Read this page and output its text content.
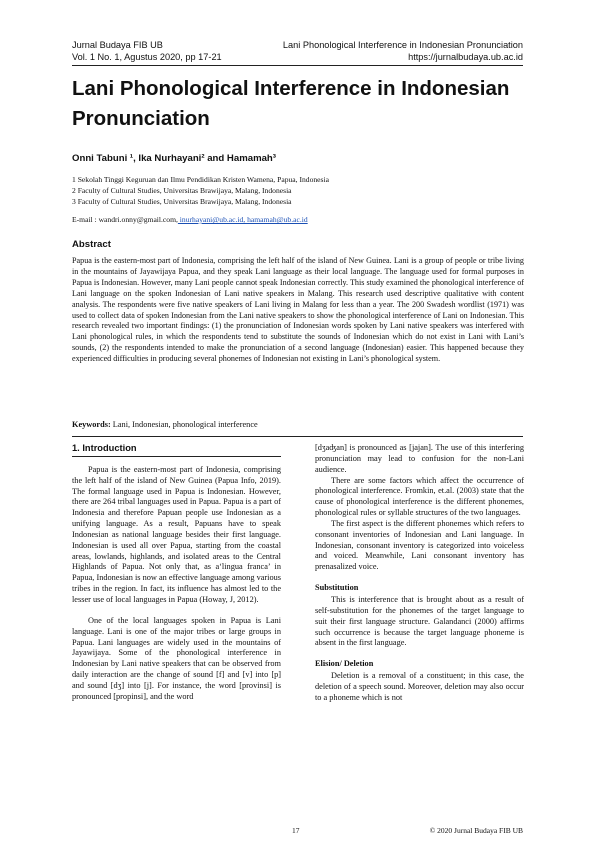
Jurnal Budaya FIB UB	Lani Phonological Interference in Indonesian Pronunciation
Vol. 1 No. 1, Agustus 2020, pp 17-21	https://jurnalbudaya.ub.ac.id
Lani Phonological Interference in Indonesian Pronunciation
Onni Tabuni ¹, Ika Nurhayani² and Hamamah³
1 Sekolah Tinggi Keguruan dan Ilmu Pendidikan Kristen Wamena, Papua, Indonesia
2 Faculty of Cultural Studies, Universitas Brawijaya, Malang, Indonesia
3 Faculty of Cultural Studies, Universitas Brawijaya, Malang, Indonesia
E-mail : wandri.onny@gmail.com, inurhayani@ub.ac.id, hamamah@ub.ac.id
Abstract

Papua is the eastern-most part of Indonesia, comprising the left half of the island of New Guinea. Lani is a group of people or tribe living in the mountains of Jayawijaya Papua, and they speak Lani language as their local language. The language used for formal purposes in Papua is Indonesian. However, many Lani people cannot speak Indonesian correctly. This study examined the phonological interference of Lani language on the spoken Indonesian of Lani native speakers in Malang. This research used descriptive qualitative with content analysis. The respondents were five native speakers of Lani living in Malang for less than a year. The 200 Swadesh wordlist (1971) was used to collect data of spoken Indonesian from the Lani native speakers to show the phonological interference of Lani on Indonesian. This research revealed two important findings: (1) the pronunciation of Indonesian words spoken by Lani native speakers was interfered with Lani phonological rules, in which the respondents tend to substitute the sounds of Indonesian which do not exist in Lani with Lani’s sounds, (2) the respondents intended to make the pronunciation of a second language (Indonesian) easier. This happened because they experienced difficulties in producing several phonemes of Indonesian not existing in Lani’s phonological system.

Keywords: Lani, Indonesian, phonological interference
1. Introduction

Papua is the eastern-most part of Indonesia, comprising the left half of the island of New Guinea (Papua Info, 2019). The formal language used in Papua is Indonesian. However, there are 264 tribal languages used in Papua. Papua is a part of Indonesia and therefore Papuan people use Indonesian as a unifying language. As a result, Papuans have to speak Indonesian as national language besides their first language. Indonesian is used all over Papua, starting from the coastal areas, lowlands, highlands, and isolated areas to the Central Highlands of Papua. Not only that, as a‘lingua franca’ in Papua, Indonesian is now an effective language among various tribes in the region. In fact, its influence has almost led to the lesser use of local languages in Papua (Howay, J, 2012).

One of the local languages spoken in Papua is Lani language. Lani is one of the major tribes or large groups in Papua. Lani languages are widely used in the mountains of Jayawijaya. Some of the phonological interference in Indonesian by Lani native speakers that can be observed from daily interaction are the change of sound [f] and [v] into [p] and sound [dʒ] into [j]. For instance, the word [provinsi] is pronounced [propinsi], and the word

[dʒaʤan] is pronounced as [jajan]. The use of this interfering pronunciation may lead to confusion for the non-Lani audience.

There are some factors which affect the occurrence of phonological interference. Fromkin, et.al. (2003) state that the cause of phonological interference is the different phonemes, phonological rules or syllable structures of the two languages.

The first aspect is the different phonemes which refers to consonant inventories of Indonesian and Lani language. In Indonesian, consonant inventory is categorized into voiceless and voiced. Meanwhile, Lani consonant inventory has prenasalized voice.

Substitution

This is interference that is brought about as a result of self-substitution for the phonemes of the target language to suit their first language structure. Galandanci (2000) affirms such occurrence is because the target language phoneme is absent in the first language.

Elision/ Deletion

Deletion is a removal of a constituent; in this case, the deletion of a speech sound. Moreover, deletion may also occur to a phoneme which is not

17	© 2020 Jurnal Budaya FIB UB
